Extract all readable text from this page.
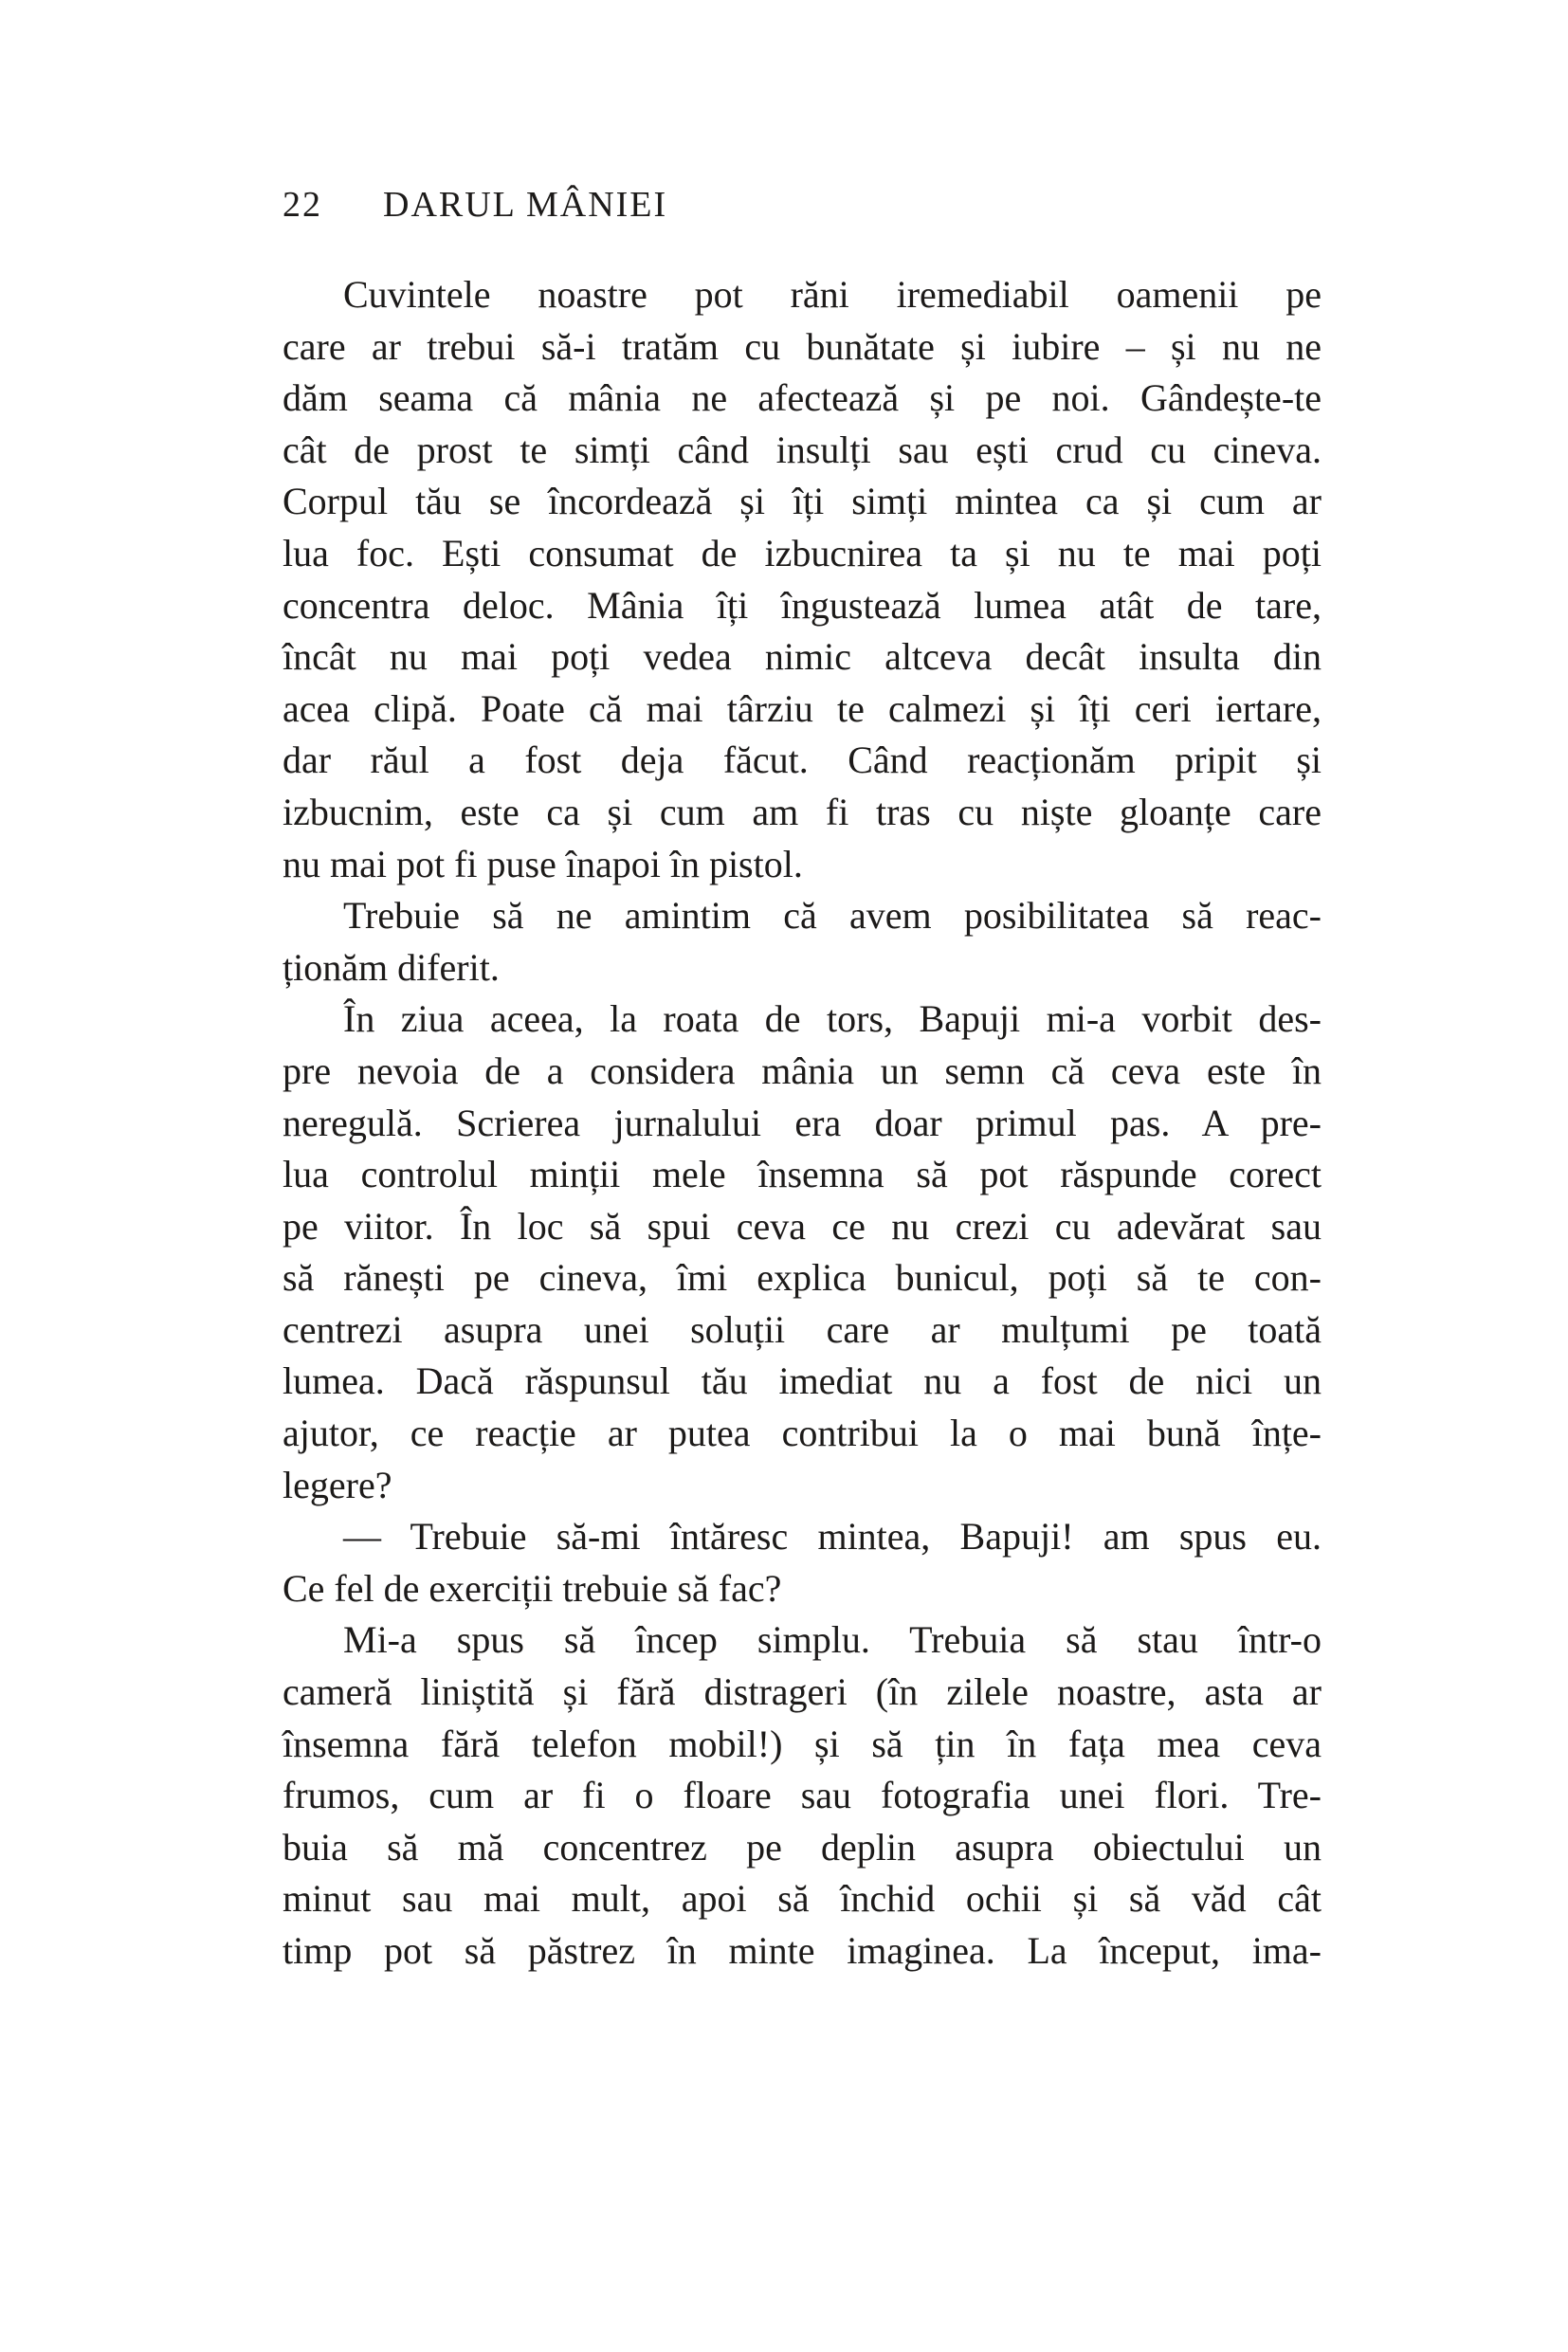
22 DARUL MÂNIEI
Cuvintele noastre pot răni iremediabil oamenii pe
care ar trebui să-i tratăm cu bunătate și iubire – și nu ne
dăm seama că mânia ne afectează și pe noi. Gândește-te
cât de prost te simți când insulți sau ești crud cu cineva.
Corpul tău se încordează și îți simți mintea ca și cum ar
lua foc. Ești consumat de izbucnirea ta și nu te mai poți
concentra deloc. Mânia îți îngustează lumea atât de tare,
încât nu mai poți vedea nimic altceva decât insulta din
acea clipă. Poate că mai târziu te calmezi și îți ceri iertare,
dar răul a fost deja făcut. Când reacționăm pripit și
izbucnim, este ca și cum am fi tras cu niște gloanțe care
nu mai pot fi puse înapoi în pistol.
Trebuie să ne amintim că avem posibilitatea să reac-
ționăm diferit.
În ziua aceea, la roata de tors, Bapuji mi-a vorbit des-
pre nevoia de a considera mânia un semn că ceva este în
neregulă. Scrierea jurnalului era doar primul pas. A pre-
lua controlul minții mele însemna să pot răspunde corect
pe viitor. În loc să spui ceva ce nu crezi cu adevărat sau
să rănești pe cineva, îmi explica bunicul, poți să te con-
centrezi asupra unei soluții care ar mulțumi pe toată
lumea. Dacă răspunsul tău imediat nu a fost de nici un
ajutor, ce reacție ar putea contribui la o mai bună înțe-
legere?
— Trebuie să-mi întăresc mintea, Bapuji! am spus eu.
Ce fel de exerciții trebuie să fac?
Mi-a spus să încep simplu. Trebuia să stau într-o
cameră liniștită și fără distrageri (în zilele noastre, asta ar
însemna fără telefon mobil!) și să țin în fața mea ceva
frumos, cum ar fi o floare sau fotografia unei flori. Tre-
buia să mă concentrez pe deplin asupra obiectului un
minut sau mai mult, apoi să închid ochii și să văd cât
timp pot să păstrez în minte imaginea. La început, ima-
